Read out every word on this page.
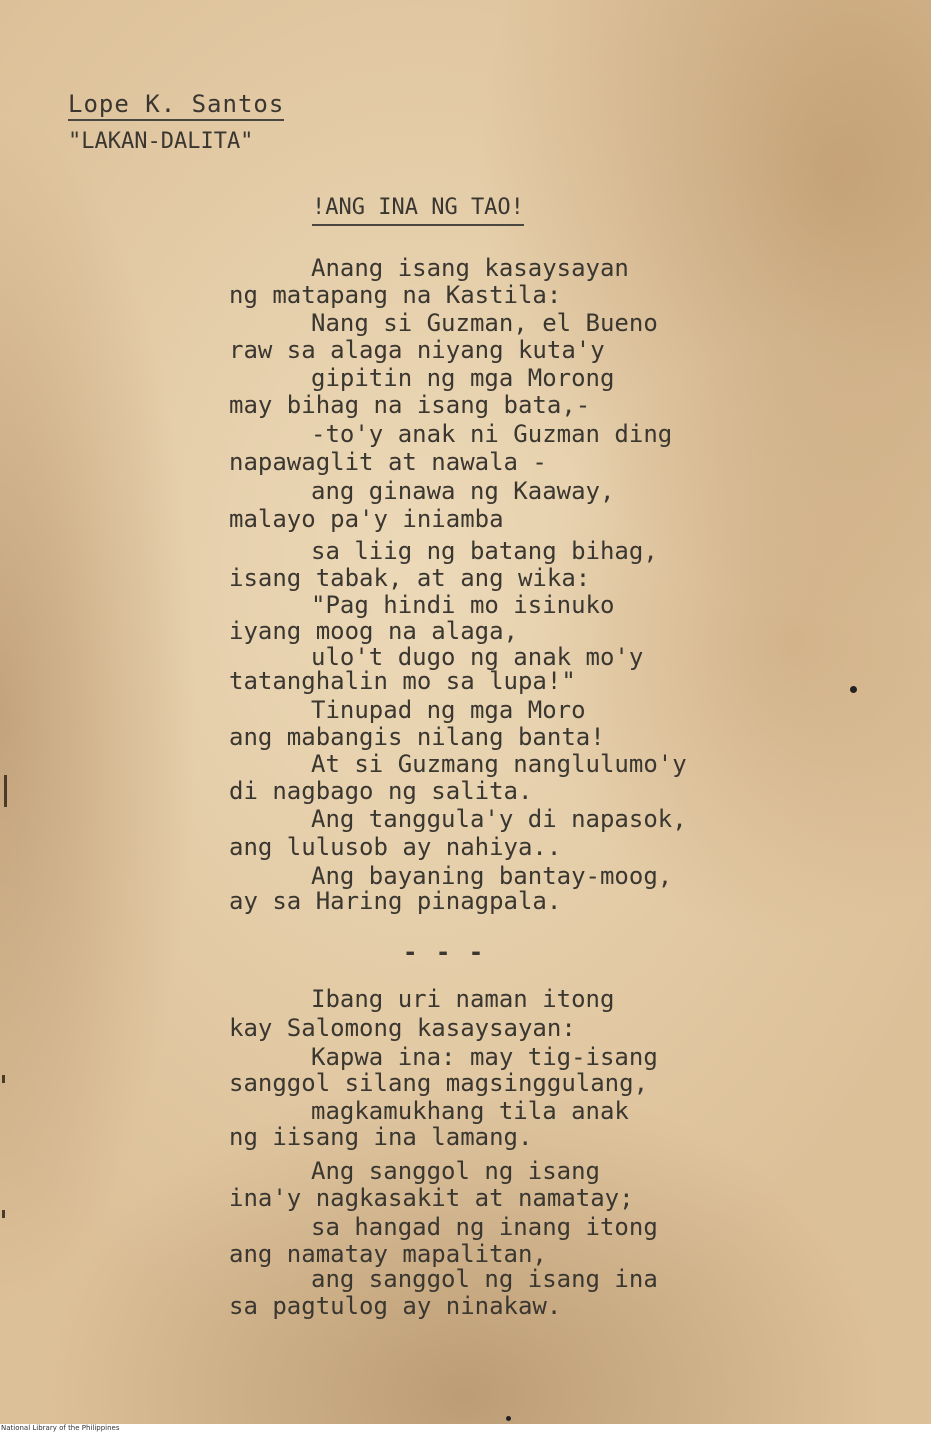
Lope K. Santos
"LAKAN-DALITA"
!ANG INA NG TAO!
Anang isang kasaysayan
ng matapang na Kastila:
Nang si Guzman, el Bueno
raw sa alaga niyang kuta'y
gipitin ng mga Morong
may bihag na isang bata,-
-to'y anak ni Guzman ding
napawaglit at nawala -
ang ginawa ng Kaaway,
malayo pa'y iniamba
sa liig ng batang bihag,
isang tabak, at ang wika:
"Pag hindi mo isinuko
iyang moog na alaga,
ulo't dugo ng anak mo'y
tatanghalin mo sa lupa!"
Tinupad ng mga Moro
ang mabangis nilang banta!
At si Guzmang nanglulumo'y
di nagbago ng salita.
Ang tanggula'y di napasok,
ang lulusob ay nahiya..
Ang bayaning bantay-moog,
ay sa Haring pinagpala.
- - -
Ibang uri naman itong
kay Salomong kasaysayan:
Kapwa ina: may tig-isang
sanggol silang magsinggulang,
magkamukhang tila anak
ng iisang ina lamang.
Ang sanggol ng isang
ina'y nagkasakit at namatay;
sa hangad ng inang itong
ang namatay mapalitan,
ang sanggol ng isang ina
sa pagtulog ay ninakaw.
National Library of the Philippines
